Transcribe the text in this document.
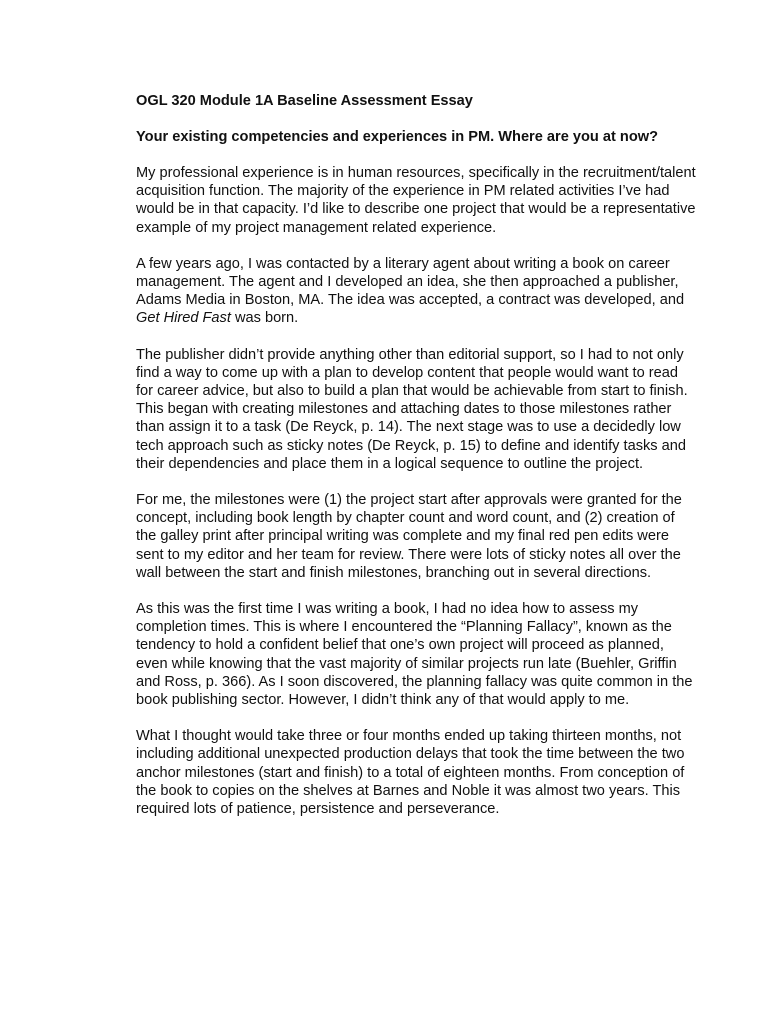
OGL 320 Module 1A Baseline Assessment Essay

Your existing competencies and experiences in PM. Where are you at now?

My professional experience is in human resources, specifically in the recruitment/talent acquisition function. The majority of the experience in PM related activities I’ve had would be in that capacity. I’d like to describe one project that would be a representative example of my project management related experience.

A few years ago, I was contacted by a literary agent about writing a book on career management. The agent and I developed an idea, she then approached a publisher, Adams Media in Boston, MA. The idea was accepted, a contract was developed, and Get Hired Fast was born.

The publisher didn’t provide anything other than editorial support, so I had to not only find a way to come up with a plan to develop content that people would want to read for career advice, but also to build a plan that would be achievable from start to finish. This began with creating milestones and attaching dates to those milestones rather than assign it to a task (De Reyck, p. 14). The next stage was to use a decidedly low tech approach such as sticky notes (De Reyck, p. 15) to define and identify tasks and their dependencies and place them in a logical sequence to outline the project.

For me, the milestones were (1) the project start after approvals were granted for the concept, including book length by chapter count and word count, and (2) creation of the galley print after principal writing was complete and my final red pen edits were sent to my editor and her team for review. There were lots of sticky notes all over the wall between the start and finish milestones, branching out in several directions.

As this was the first time I was writing a book, I had no idea how to assess my completion times. This is where I encountered the “Planning Fallacy”, known as the tendency to hold a confident belief that one’s own project will proceed as planned, even while knowing that the vast majority of similar projects run late (Buehler, Griffin and Ross, p. 366). As I soon discovered, the planning fallacy was quite common in the book publishing sector. However, I didn’t think any of that would apply to me.

What I thought would take three or four months ended up taking thirteen months, not including additional unexpected production delays that took the time between the two anchor milestones (start and finish) to a total of eighteen months. From conception of the book to copies on the shelves at Barnes and Noble it was almost two years. This required lots of patience, persistence and perseverance.
